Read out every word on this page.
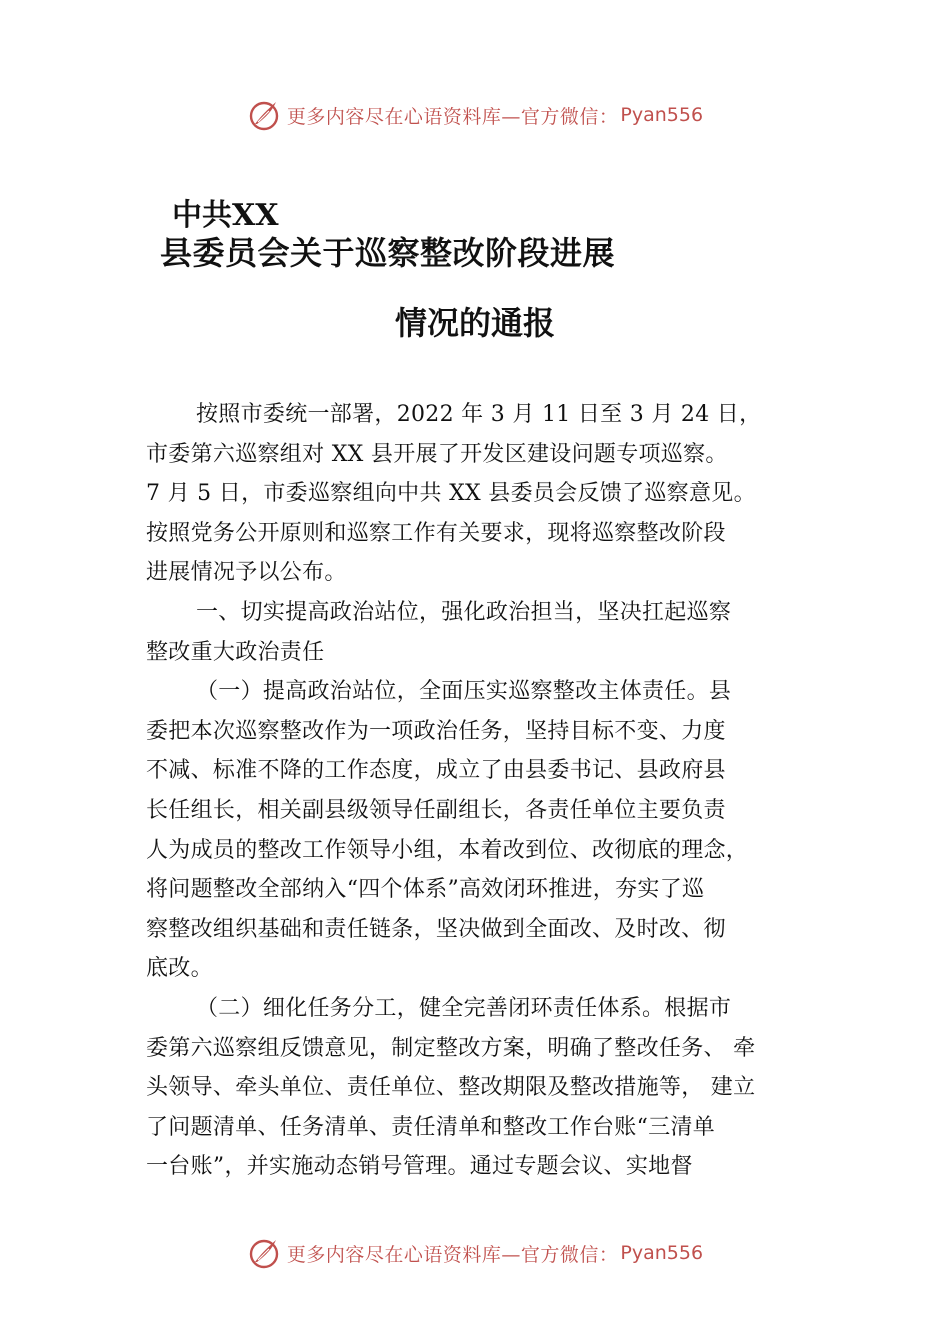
更多内容尽在心语资料库—官方微信： Pyan556
中共XX
县委员会关于巡察整改阶段进展
情况的通报
按照市委统一部署，2022 年 3 月 11 日至 3 月 24 日，
市委第六巡察组对 XX 县开展了开发区建设问题专项巡察。
7 月 5 日，市委巡察组向中共 XX 县委员会反馈了巡察意见。
按照党务公开原则和巡察工作有关要求，现将巡察整改阶段
进展情况予以公布。
一、切实提高政治站位，强化政治担当，坚决扛起巡察
整改重大政治责任
（一）提高政治站位，全面压实巡察整改主体责任。县
委把本次巡察整改作为一项政治任务，坚持目标不变、力度
不减、标准不降的工作态度，成立了由县委书记、县政府县
长任组长，相关副县级领导任副组长，各责任单位主要负责
人为成员的整改工作领导小组，本着改到位、改彻底的理念，
将问题整改全部纳入“四个体系”高效闭环推进，夯实了巡
察整改组织基础和责任链条，坚决做到全面改、及时改、彻
底改。
（二）细化任务分工，健全完善闭环责任体系。根据市
委第六巡察组反馈意见，制定整改方案，明确了整改任务、 牵
头领导、牵头单位、责任单位、整改期限及整改措施等， 建立
了问题清单、任务清单、责任清单和整改工作台账“三清单
一台账”，并实施动态销号管理。通过专题会议、实地督
更多内容尽在心语资料库—官方微信： Pyan556
